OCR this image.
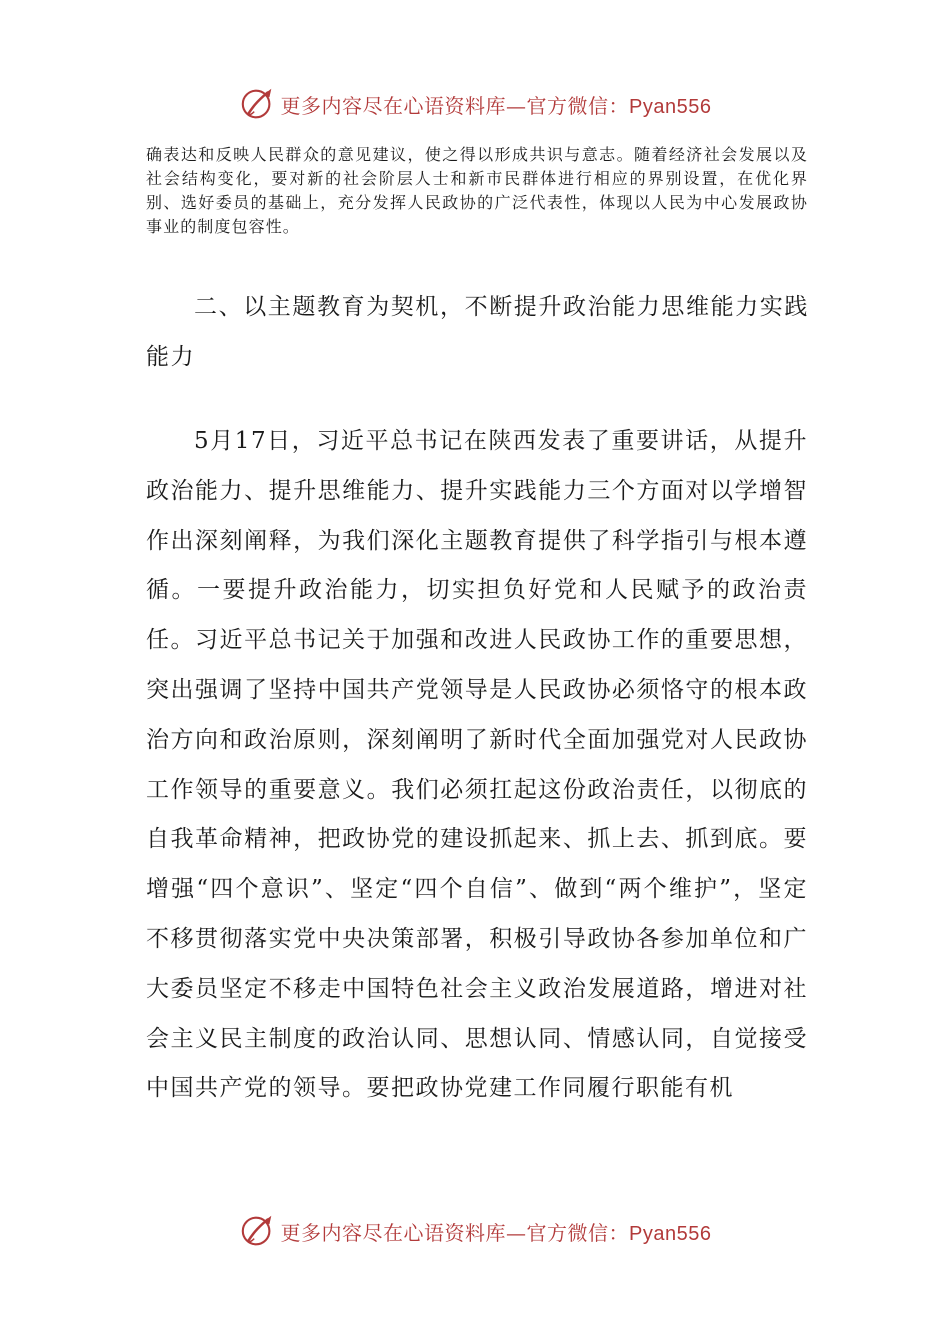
更多内容尽在心语资料库—官方微信：Pyan556

确表达和反映人民群众的意见建议，使之得以形成共识与意志。随着经济社会发展以及社会结构变化，要对新的社会阶层人士和新市民群体进行相应的界别设置，在优化界别、选好委员的基础上，充分发挥人民政协的广泛代表性，体现以人民为中心发展政协事业的制度包容性。

二、以主题教育为契机，不断提升政治能力思维能力实践能力

5月17日，习近平总书记在陕西发表了重要讲话，从提升政治能力、提升思维能力、提升实践能力三个方面对以学增智作出深刻阐释，为我们深化主题教育提供了科学指引与根本遵循。一要提升政治能力，切实担负好党和人民赋予的政治责任。习近平总书记关于加强和改进人民政协工作的重要思想，突出强调了坚持中国共产党领导是人民政协必须恪守的根本政治方向和政治原则，深刻阐明了新时代全面加强党对人民政协工作领导的重要意义。我们必须扛起这份政治责任，以彻底的自我革命精神，把政协党的建设抓起来、抓上去、抓到底。要增强“四个意识”、坚定“四个自信”、做到“两个维护”，坚定不移贯彻落实党中央决策部署，积极引导政协各参加单位和广大委员坚定不移走中国特色社会主义政治发展道路，增进对社会主义民主制度的政治认同、思想认同、情感认同，自觉接受中国共产党的领导。要把政协党建工作同履行职能有机

更多内容尽在心语资料库—官方微信：Pyan556
